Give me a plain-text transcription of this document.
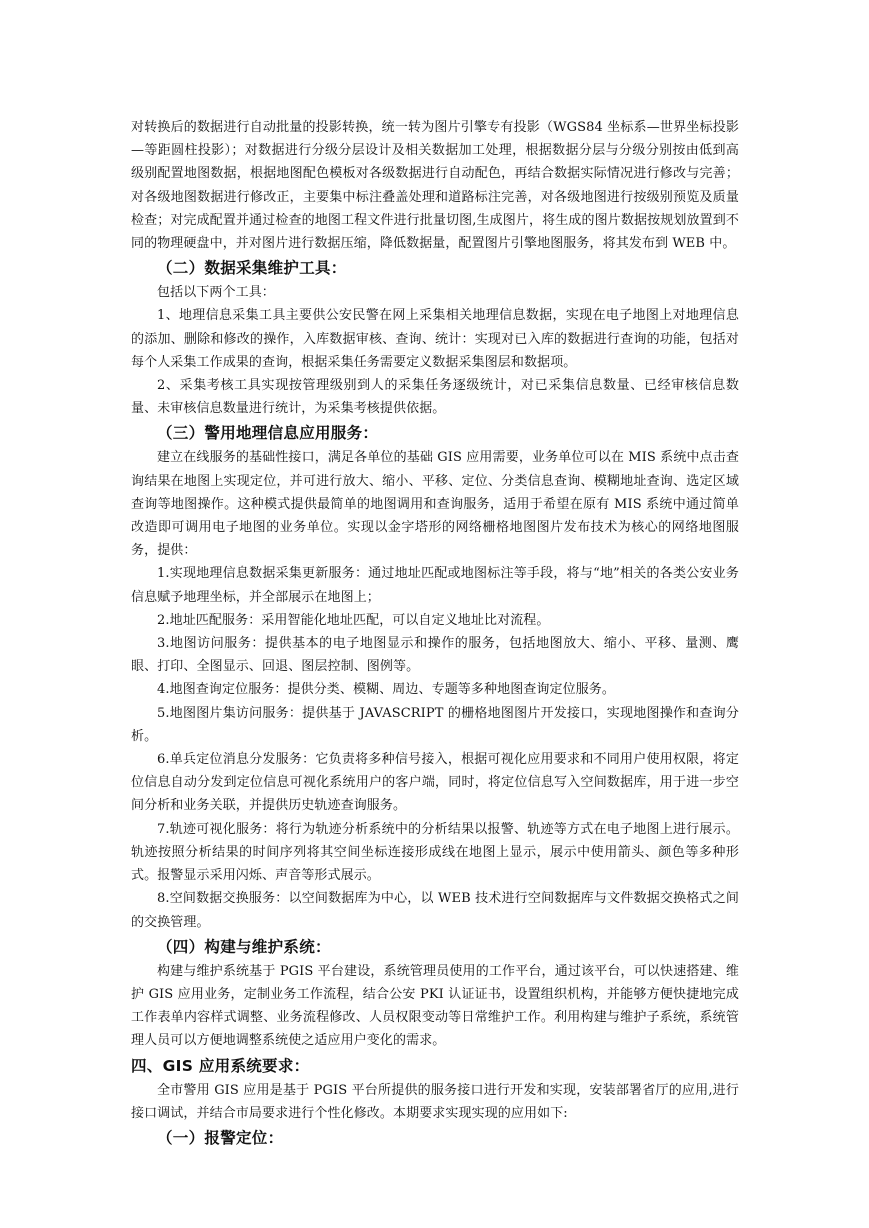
对转换后的数据进行自动批量的投影转换，统一转为图片引擎专有投影（WGS84 坐标系—世界坐标投影—等距圆柱投影）；对数据进行分级分层设计及相关数据加工处理，根据数据分层与分级分别按由低到高级别配置地图数据，根据地图配色模板对各级数据进行自动配色，再结合数据实际情况进行修改与完善；对各级地图数据进行修改正，主要集中标注叠盖处理和道路标注完善，对各级地图进行按级别预览及质量检查；对完成配置并通过检查的地图工程文件进行批量切图,生成图片，将生成的图片数据按规划放置到不同的物理硬盘中，并对图片进行数据压缩，降低数据量，配置图片引擎地图服务，将其发布到 WEB 中。

（二）数据采集维护工具：

包括以下两个工具：

1、地理信息采集工具主要供公安民警在网上采集相关地理信息数据，实现在电子地图上对地理信息的添加、删除和修改的操作，入库数据审核、查询、统计：实现对已入库的数据进行查询的功能，包括对每个人采集工作成果的查询，根据采集任务需要定义数据采集图层和数据项。

2、采集考核工具实现按管理级别到人的采集任务逐级统计，对已采集信息数量、已经审核信息数量、未审核信息数量进行统计，为采集考核提供依据。

（三）警用地理信息应用服务：

建立在线服务的基础性接口，满足各单位的基础 GIS 应用需要，业务单位可以在 MIS 系统中点击查询结果在地图上实现定位，并可进行放大、缩小、平移、定位、分类信息查询、模糊地址查询、选定区域查询等地图操作。这种模式提供最简单的地图调用和查询服务，适用于希望在原有 MIS 系统中通过简单改造即可调用电子地图的业务单位。实现以金字塔形的网络栅格地图图片发布技术为核心的网络地图服务，提供：

1.实现地理信息数据采集更新服务：通过地址匹配或地图标注等手段，将与“地”相关的各类公安业务信息赋予地理坐标，并全部展示在地图上；

2.地址匹配服务：采用智能化地址匹配，可以自定义地址比对流程。

3.地图访问服务：提供基本的电子地图显示和操作的服务，包括地图放大、缩小、平移、量测、鹰眼、打印、全图显示、回退、图层控制、图例等。

4.地图查询定位服务：提供分类、模糊、周边、专题等多种地图查询定位服务。

5.地图图片集访问服务：提供基于 JAVASCRIPT 的栅格地图图片开发接口，实现地图操作和查询分析。

6.单兵定位消息分发服务：它负责将多种信号接入，根据可视化应用要求和不同用户使用权限，将定位信息自动分发到定位信息可视化系统用户的客户端，同时，将定位信息写入空间数据库，用于进一步空间分析和业务关联，并提供历史轨迹查询服务。

7.轨迹可视化服务：将行为轨迹分析系统中的分析结果以报警、轨迹等方式在电子地图上进行展示。轨迹按照分析结果的时间序列将其空间坐标连接形成线在地图上显示，展示中使用箭头、颜色等多种形式。报警显示采用闪烁、声音等形式展示。

8.空间数据交换服务：以空间数据库为中心，以 WEB 技术进行空间数据库与文件数据交换格式之间的交换管理。

（四）构建与维护系统：

构建与维护系统基于 PGIS 平台建设，系统管理员使用的工作平台，通过该平台，可以快速搭建、维护 GIS 应用业务，定制业务工作流程，结合公安 PKI 认证证书，设置组织机构，并能够方便快捷地完成工作表单内容样式调整、业务流程修改、人员权限变动等日常维护工作。利用构建与维护子系统，系统管理人员可以方便地调整系统使之适应用户变化的需求。

四、GIS 应用系统要求：

全市警用 GIS 应用是基于 PGIS 平台所提供的服务接口进行开发和实现，安装部署省厅的应用,进行接口调试，并结合市局要求进行个性化修改。本期要求实现实现的应用如下:

（一）报警定位：
